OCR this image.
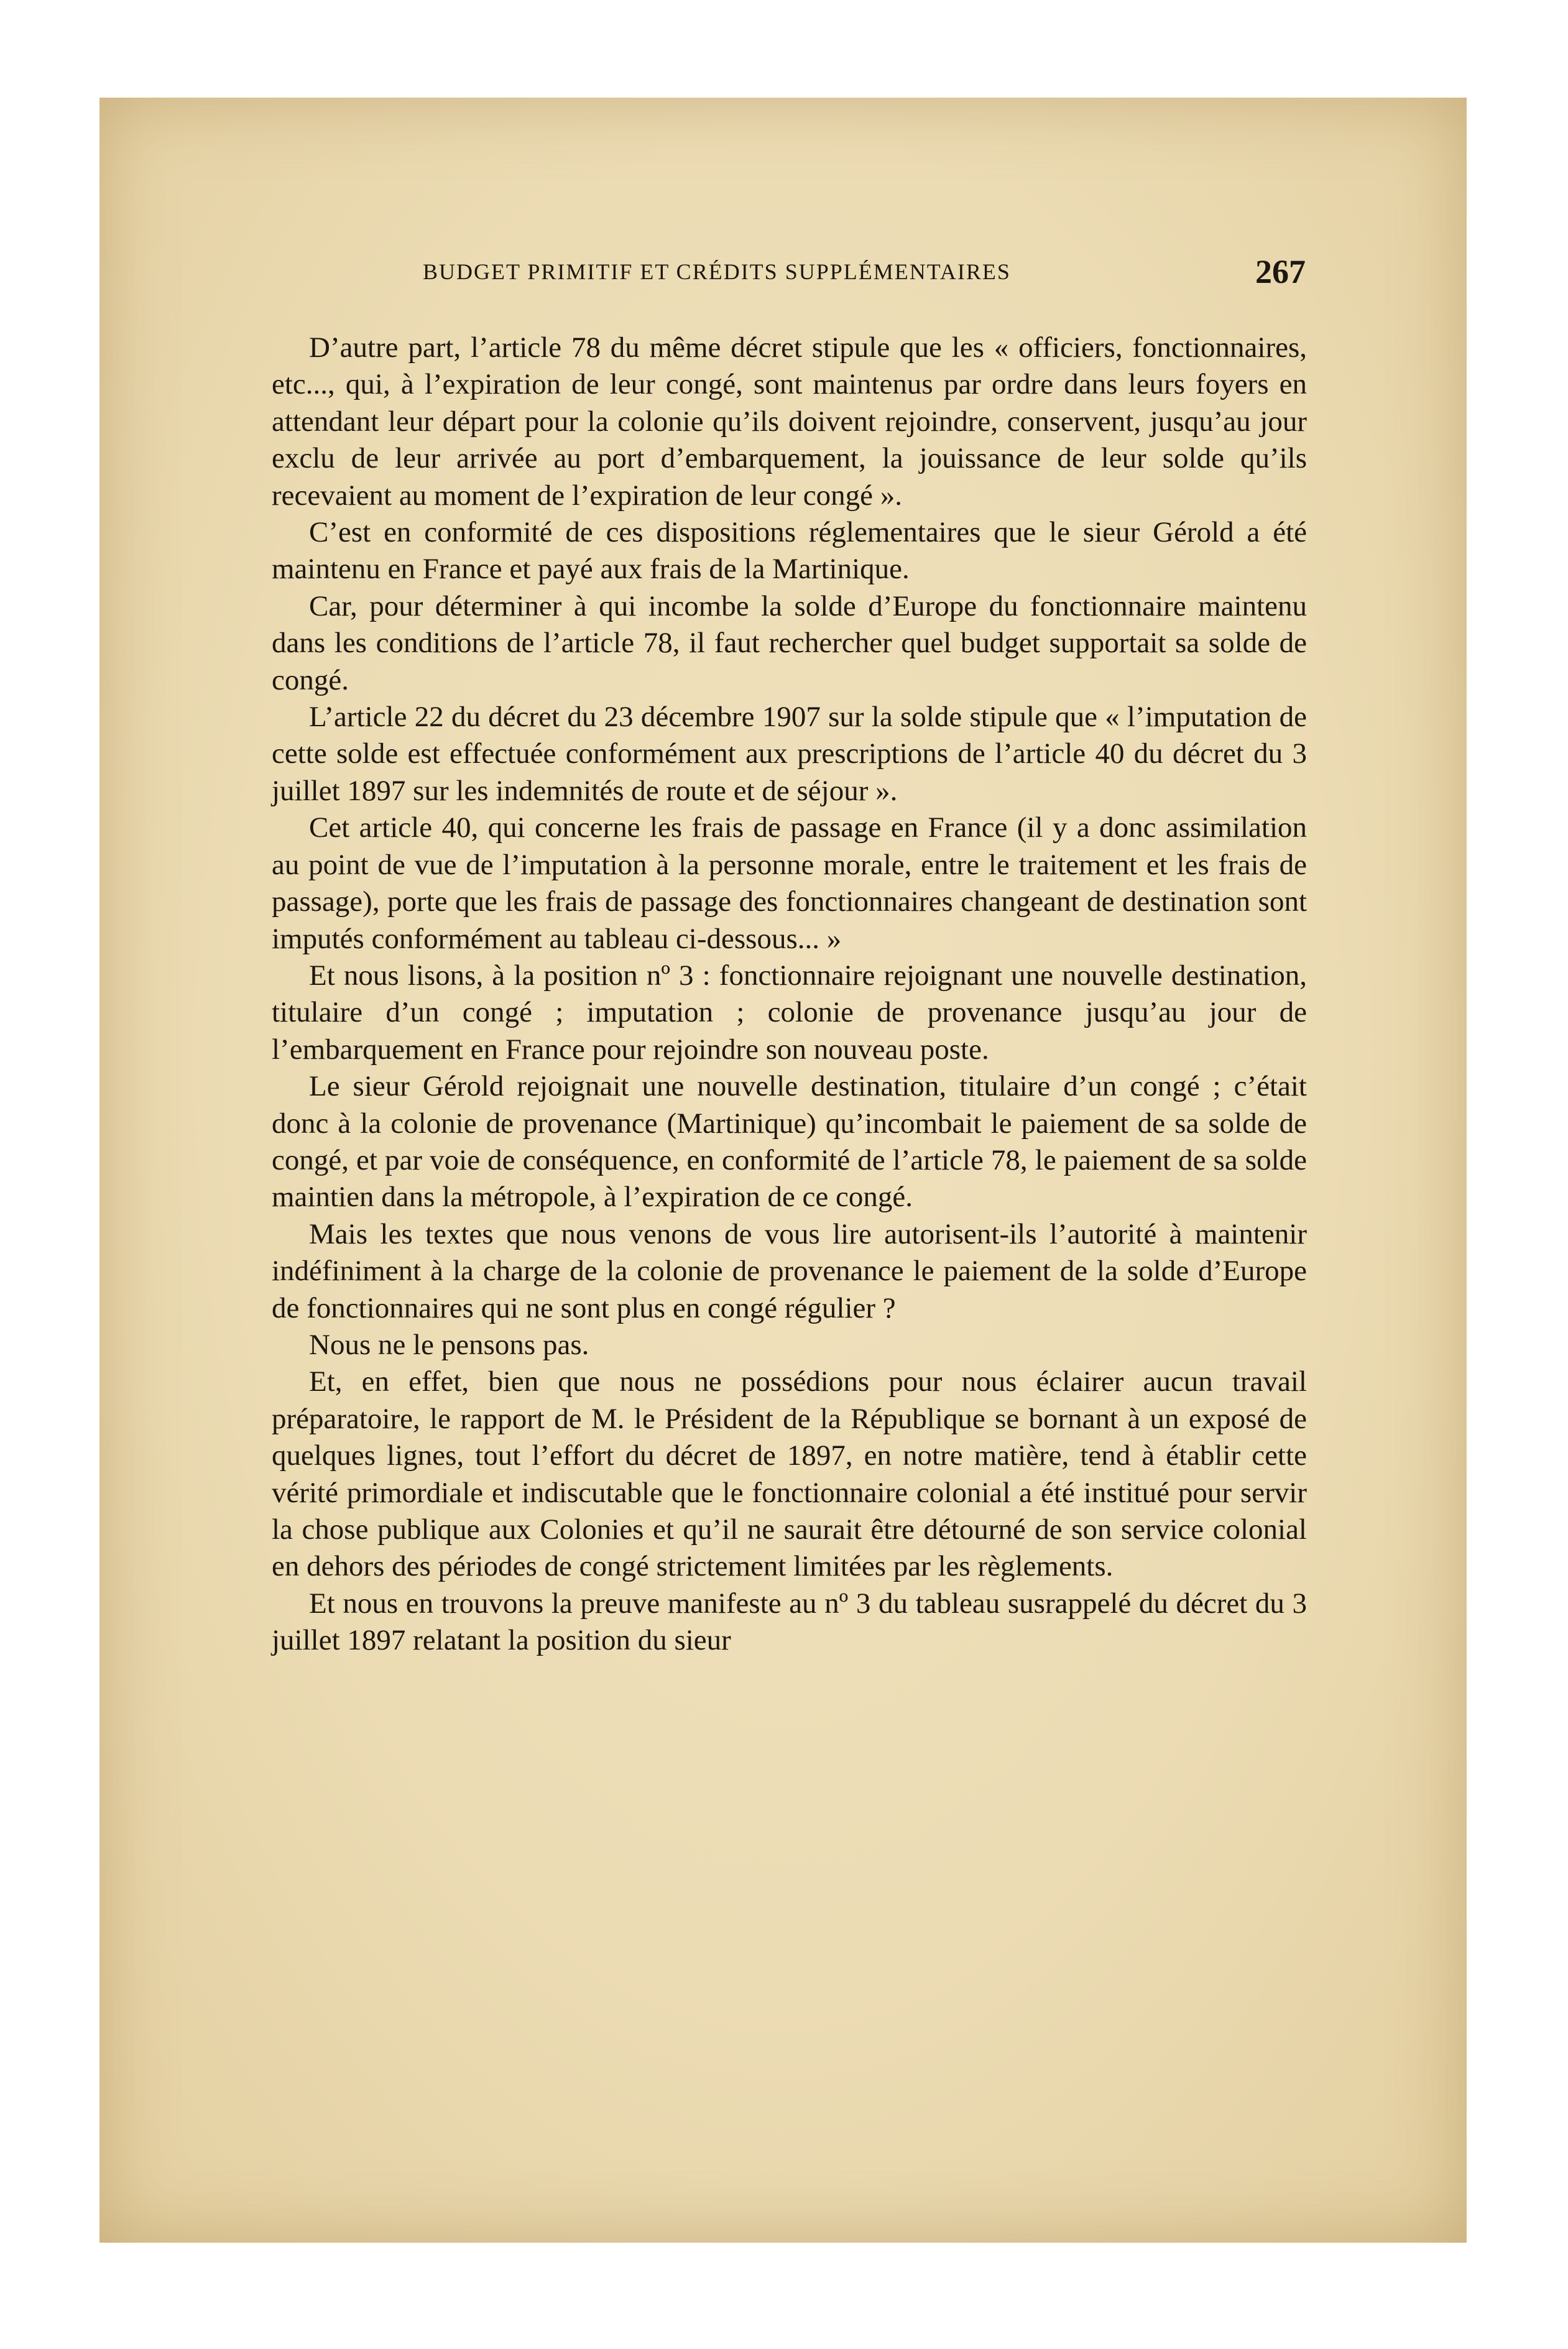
BUDGET PRIMITIF ET CRÉDITS SUPPLÉMENTAIRES	267

D’autre part, l’article 78 du même décret stipule que les « officiers, fonctionnaires, etc..., qui, à l’expiration de leur congé, sont maintenus par ordre dans leurs foyers en attendant leur départ pour la colonie qu’ils doivent rejoindre, conservent, jusqu’au jour exclu de leur arrivée au port d’embarquement, la jouissance de leur solde qu’ils recevaient au moment de l’expiration de leur congé ».

C’est en conformité de ces dispositions réglementaires que le sieur Gérold a été maintenu en France et payé aux frais de la Martinique.

Car, pour déterminer à qui incombe la solde d’Europe du fonctionnaire maintenu dans les conditions de l’article 78, il faut rechercher quel budget supportait sa solde de congé.

L’article 22 du décret du 23 décembre 1907 sur la solde stipule que « l’imputation de cette solde est effectuée conformément aux prescriptions de l’article 40 du décret du 3 juillet 1897 sur les indemnités de route et de séjour ».

Cet article 40, qui concerne les frais de passage en France (il y a donc assimilation au point de vue de l’imputation à la personne morale, entre le traitement et les frais de passage), porte que les frais de passage des fonctionnaires changeant de destination sont imputés conformément au tableau ci-dessous... »

Et nous lisons, à la position nº 3 : fonctionnaire rejoignant une nouvelle destination, titulaire d’un congé ; imputation ; colonie de provenance jusqu’au jour de l’embarquement en France pour rejoindre son nouveau poste.

Le sieur Gérold rejoignait une nouvelle destination, titulaire d’un congé ; c’était donc à la colonie de provenance (Martinique) qu’incombait le paiement de sa solde de congé, et par voie de conséquence, en conformité de l’article 78, le paiement de sa solde maintien dans la métropole, à l’expiration de ce congé.

Mais les textes que nous venons de vous lire autorisent-ils l’autorité à maintenir indéfiniment à la charge de la colonie de provenance le paiement de la solde d’Europe de fonctionnaires qui ne sont plus en congé régulier ?

Nous ne le pensons pas.

Et, en effet, bien que nous ne possédions pour nous éclairer aucun travail préparatoire, le rapport de M. le Président de la République se bornant à un exposé de quelques lignes, tout l’effort du décret de 1897, en notre matière, tend à établir cette vérité primordiale et indiscutable que le fonctionnaire colonial a été institué pour servir la chose publique aux Colonies et qu’il ne saurait être détourné de son service colonial en dehors des périodes de congé strictement limitées par les règlements.

Et nous en trouvons la preuve manifeste au nº 3 du tableau susrappelé du décret du 3 juillet 1897 relatant la position du sieur
